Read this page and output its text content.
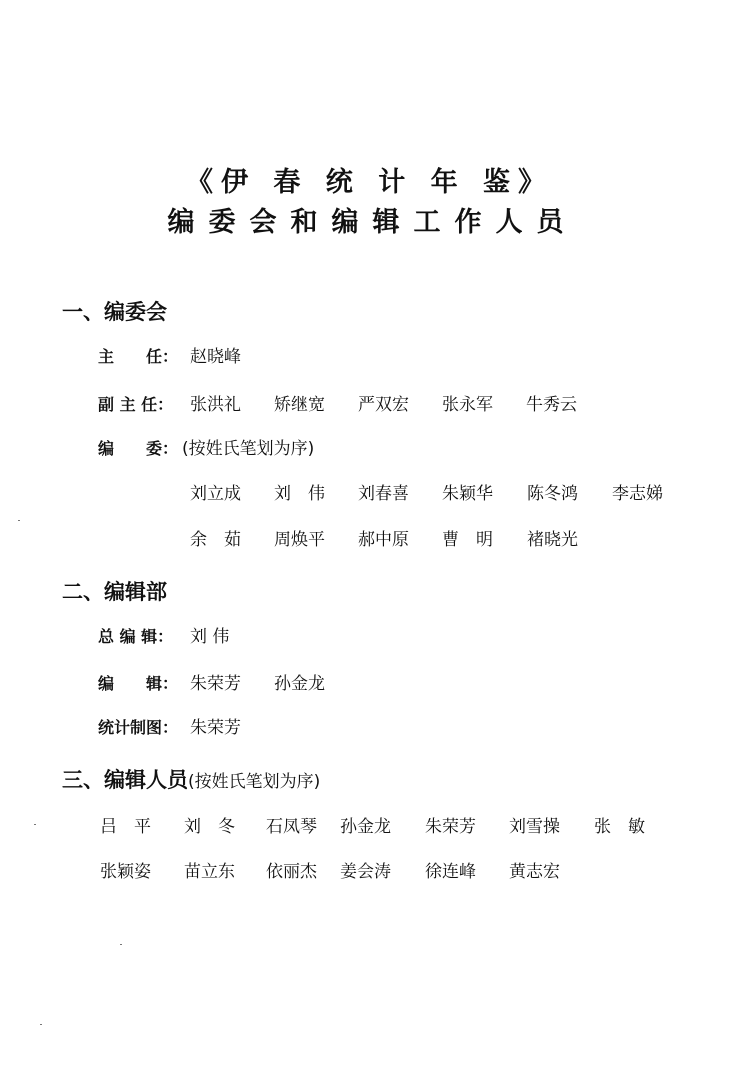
《伊 春 统 计 年 鉴》
编委会和编辑工作人员
一、编委会
主　　任： 赵晓峰
副 主 任： 张洪礼 矫继宽 严双宏 张永军 牛秀云
编　　委： (按姓氏笔划为序)
刘立成 刘　伟 刘春喜 朱颖华 陈冬鸿 李志娣
余　茹 周焕平 郝中原 曹　明 褚晓光
二、编辑部
总 编 辑： 刘 伟
编　　辑： 朱荣芳 孙金龙
统计制图： 朱荣芳
三、编辑人员(按姓氏笔划为序)
吕　平 刘　冬 石凤琴 孙金龙 朱荣芳 刘雪操 张　敏
张颖姿 苗立东 依丽杰 姜会涛 徐连峰 黄志宏
